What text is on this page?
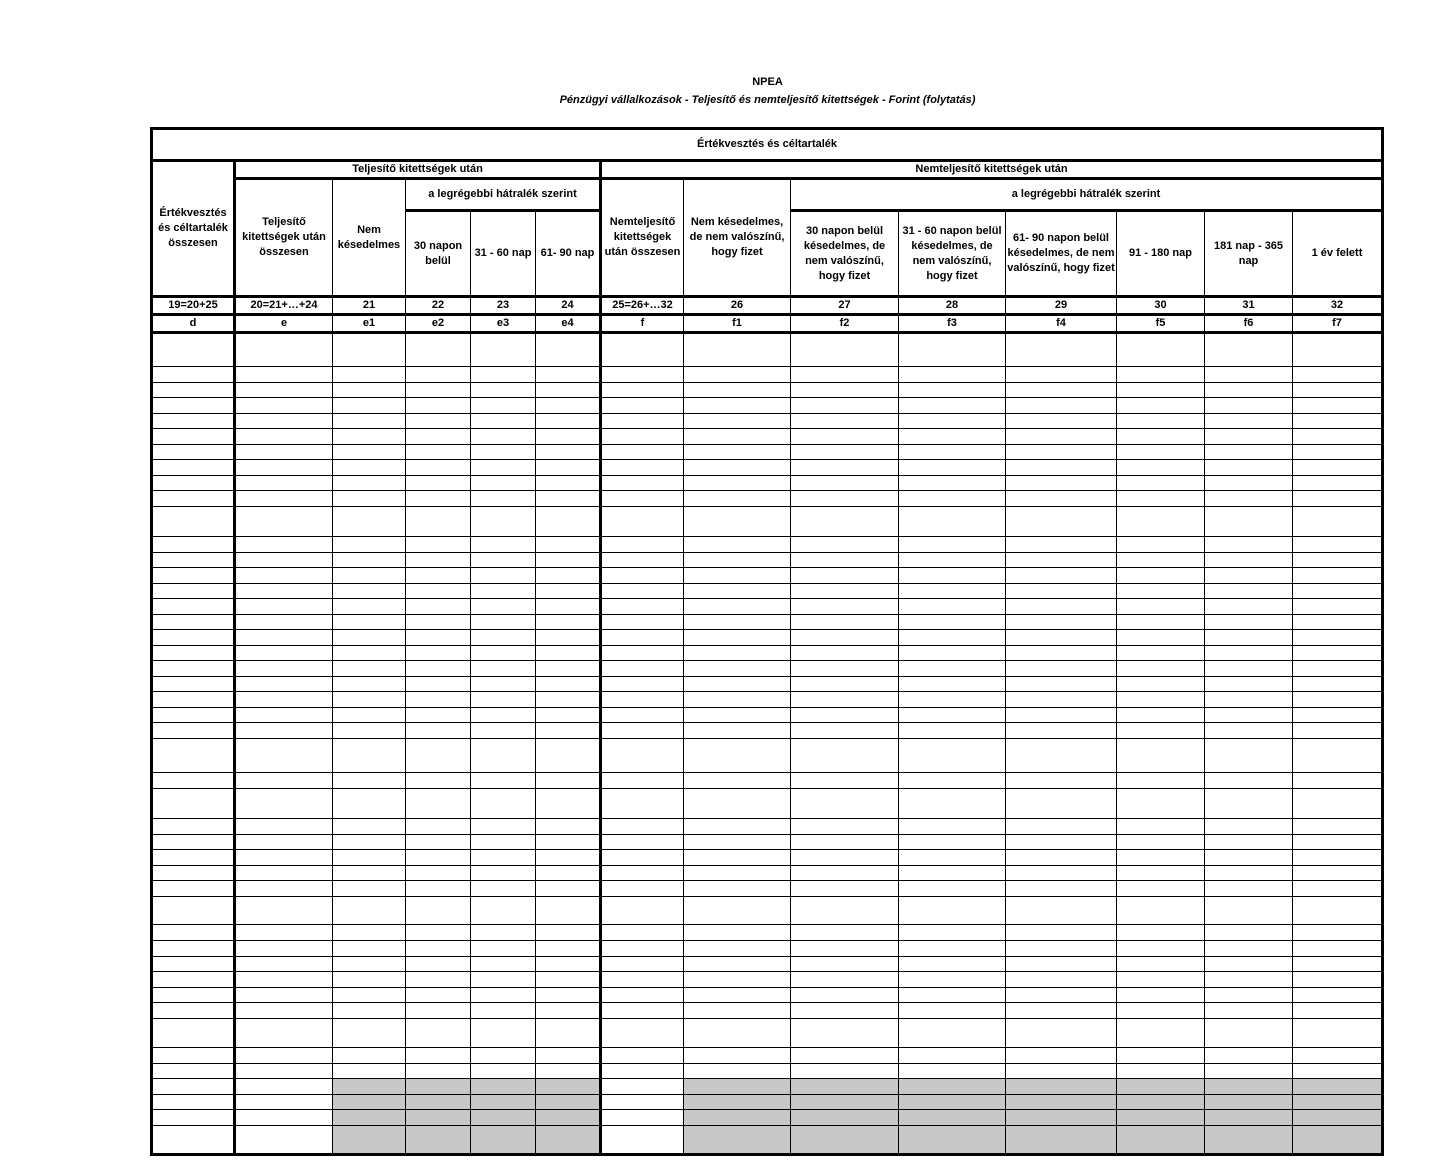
NPEA
Pénzügyi vállalkozások - Teljesítő és nemteljesítő kitettségek - Forint (folytatás)
Értékvesztés és céltartalék													
Értékvesztés és céltartalék összesen	Teljesítő kitettségek után					Nemteljesítő kitettségek után							
	Teljesítő kitettségek után összesen	Nem késedelmes	a legrégebbi hátralék szerint			Nemteljesítő kitettségek után összesen	Nem késedelmes, de nem valószínű, hogy fizet	a legrégebbi hátralék szerint					
			30 napon belül	31 - 60 nap	61- 90 nap			30 napon belül késedelmes, de nem valószínű, hogy fizet	31 - 60 napon belül késedelmes, de nem valószínű, hogy fizet	61- 90 napon belül késedelmes, de nem valószínű, hogy fizet	91 - 180 nap	181 nap - 365 nap	1 év felett

19=20+25	20=21+…+24	21	22	23	24	25=26+…32	26	27	28	29	30	31	32
d	e	e1	e2	e3	e4	f	f1	f2	f3	f4	f5	f6	f7
